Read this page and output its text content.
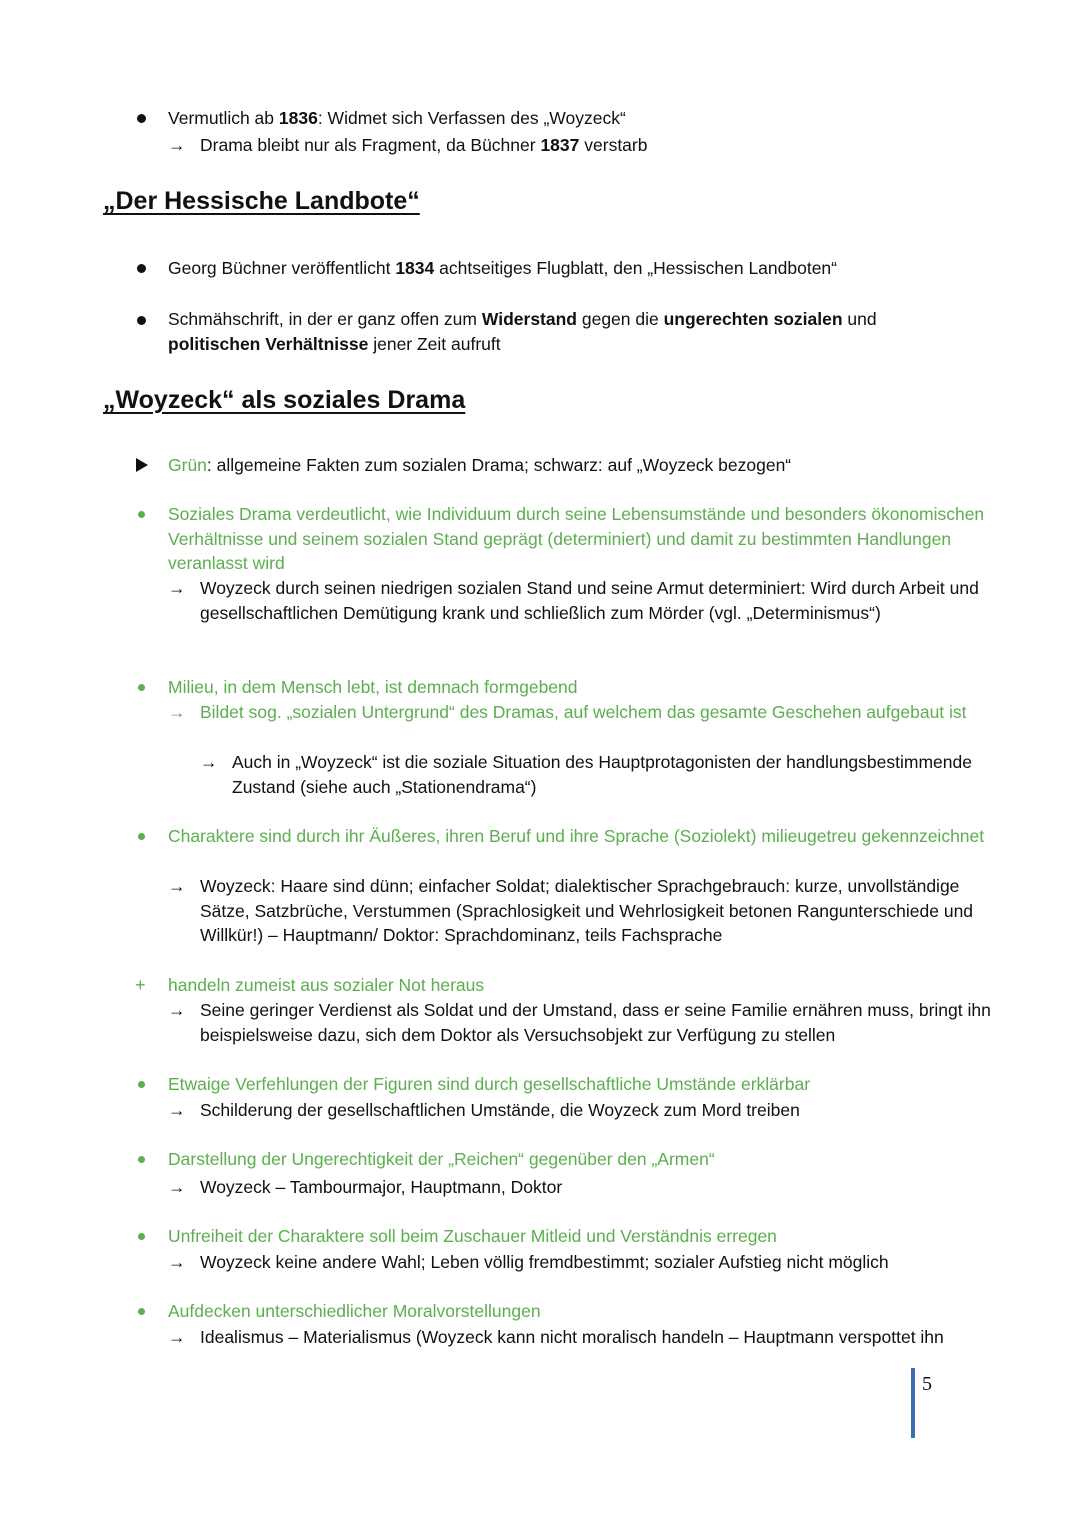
Vermutlich ab 1836: Widmet sich Verfassen des „Woyzeck“
→ Drama bleibt nur als Fragment, da Büchner 1837 verstarb
„Der Hessische Landbote“
Georg Büchner veröffentlicht 1834 achtseitiges Flugblatt, den „Hessischen Landboten“
Schmähschrift, in der er ganz offen zum Widerstand gegen die ungerechten sozialen und
politischen Verhältnisse jener Zeit aufruft
„Woyzeck“ als soziales Drama
Grün: allgemeine Fakten zum sozialen Drama; schwarz: auf „Woyzeck bezogen“
Soziales Drama verdeutlicht, wie Individuum durch seine Lebensumstände und besonders ökonomischen Verhältnisse und seinem sozialen Stand geprägt (determiniert) und damit zu bestimmten Handlungen veranlasst wird
→ Woyzeck durch seinen niedrigen sozialen Stand und seine Armut determiniert: Wird durch Arbeit und gesellschaftlichen Demütigung krank und schließlich zum Mörder (vgl. „Determinismus“)
Milieu, in dem Mensch lebt, ist demnach formgebend
→ Bildet sog. „sozialen Untergrund“ des Dramas, auf welchem das gesamte Geschehen aufgebaut ist
→ Auch in „Woyzeck“ ist die soziale Situation des Hauptprotagonisten der handlungsbestimmende Zustand (siehe auch „Stationendrama“)
Charaktere sind durch ihr Äußeres, ihren Beruf und ihre Sprache (Soziolekt) milieugetreu gekennzeichnet
→ Woyzeck: Haare sind dünn; einfacher Soldat; dialektischer Sprachgebrauch: kurze, unvollständige Sätze, Satzbrüche, Verstummen (Sprachlosigkeit und Wehrlosigkeit betonen Rangunterschiede und Willkür!) – Hauptmann/ Doktor: Sprachdominanz, teils Fachsprache
+ handeln zumeist aus sozialer Not heraus
→ Seine geringer Verdienst als Soldat und der Umstand, dass er seine Familie ernähren muss, bringt ihn beispielsweise dazu, sich dem Doktor als Versuchsobjekt zur Verfügung zu stellen
Etwaige Verfehlungen der Figuren sind durch gesellschaftliche Umstände erklärbar
→ Schilderung der gesellschaftlichen Umstände, die Woyzeck zum Mord treiben
Darstellung der Ungerechtigkeit der „Reichen“ gegenüber den „Armen“
→ Woyzeck – Tambourmajor, Hauptmann, Doktor
Unfreiheit der Charaktere soll beim Zuschauer Mitleid und Verständnis erregen
→ Woyzeck keine andere Wahl; Leben völlig fremdbestimmt; sozialer Aufstieg nicht möglich
Aufdecken unterschiedlicher Moralvorstellungen
→ Idealismus – Materialismus (Woyzeck kann nicht moralisch handeln – Hauptmann verspottet ihn
5
